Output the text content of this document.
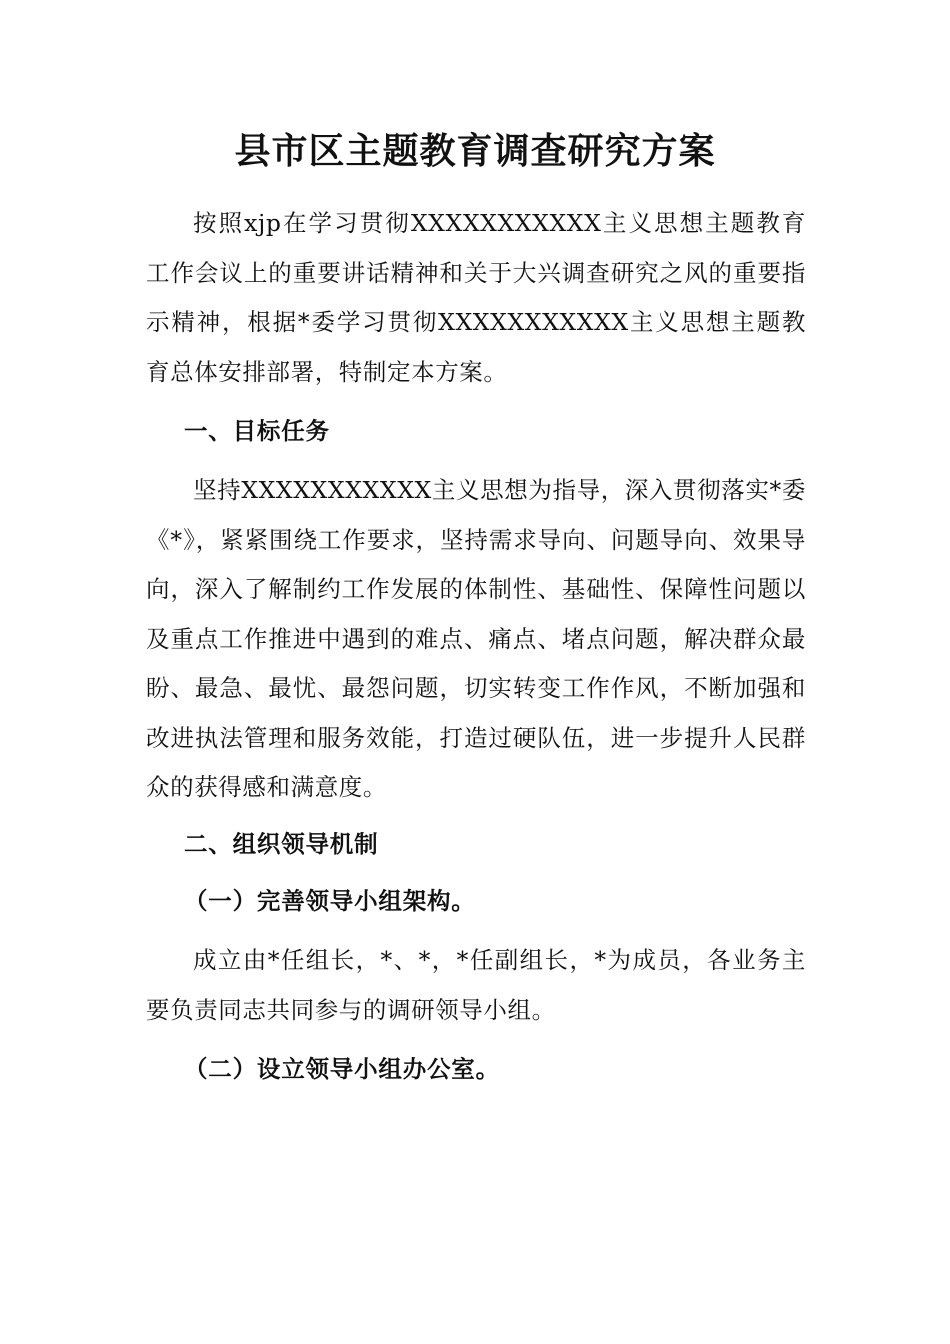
县市区主题教育调查研究方案

按照xjp在学习贯彻XXXXXXXXXXX主义思想主题教育工作会议上的重要讲话精神和关于大兴调查研究之风的重要指示精神，根据*委学习贯彻XXXXXXXXXXX主义思想主题教育总体安排部署，特制定本方案。

一、目标任务

坚持XXXXXXXXXXX主义思想为指导，深入贯彻落实*委《*》，紧紧围绕工作要求，坚持需求导向、问题导向、效果导向，深入了解制约工作发展的体制性、基础性、保障性问题以及重点工作推进中遇到的难点、痛点、堵点问题，解决群众最盼、最急、最忧、最怨问题，切实转变工作作风，不断加强和改进执法管理和服务效能，打造过硬队伍，进一步提升人民群众的获得感和满意度。

二、组织领导机制
（一）完善领导小组架构。

成立由*任组长，*、*，*任副组长，*为成员，各业务主要负责同志共同参与的调研领导小组。

（二）设立领导小组办公室。
